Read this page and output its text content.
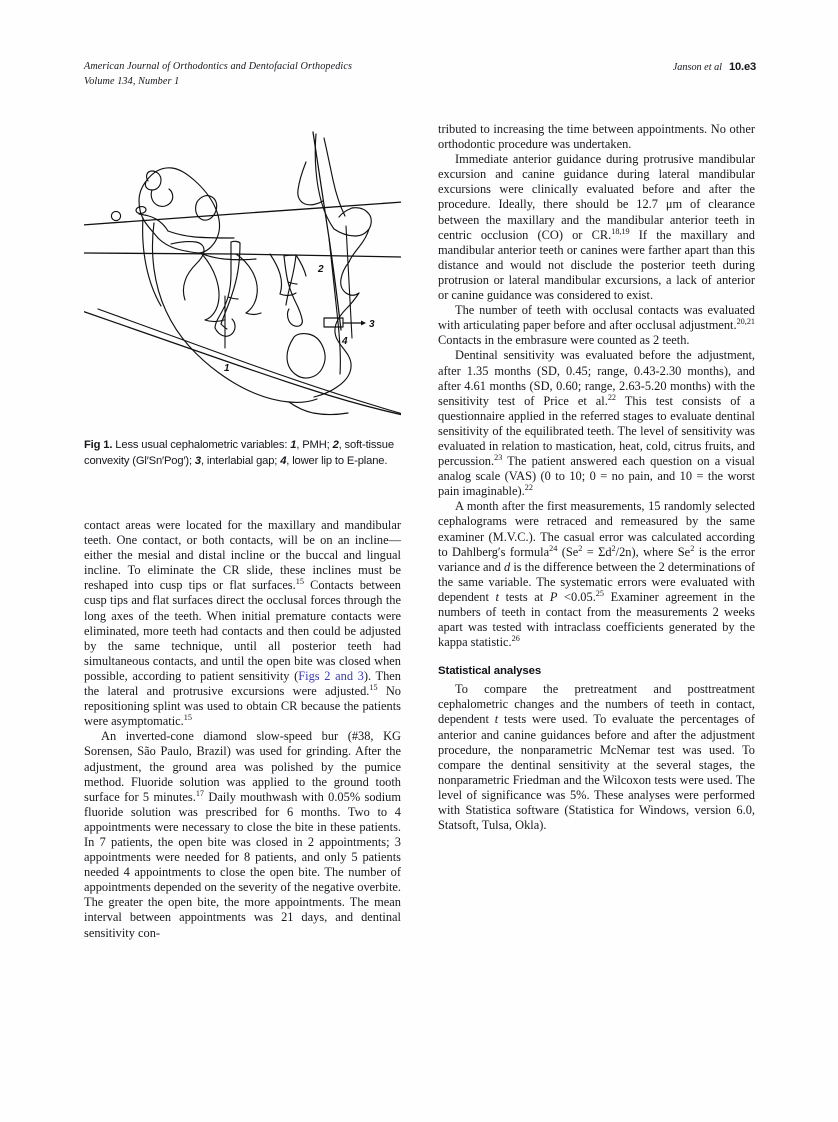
American Journal of Orthodontics and Dentofacial Orthopedics
Volume 134, Number 1
Janson et al 10.e3
2
3
4
1
Fig 1. Less usual cephalometric variables: 1, PMH; 2, soft-tissue convexity (Gl′Sn′Pog′); 3, interlabial gap; 4, lower lip to E-plane.

contact areas were located for the maxillary and mandibular teeth. One contact, or both contacts, will be on an incline—either the mesial and distal incline or the buccal and lingual incline. To eliminate the CR slide, these inclines must be reshaped into cusp tips or flat surfaces.$^{15}$ Contacts between cusp tips and flat surfaces direct the occlusal forces through the long axes of the teeth. When initial premature contacts were eliminated, more teeth had contacts and then could be adjusted by the same technique, until all posterior teeth had simultaneous contacts, and until the open bite was closed when possible, according to patient sensitivity (Figs 2 and 3). Then the lateral and protrusive excursions were adjusted.$^{15}$ No repositioning splint was used to obtain CR because the patients were asymptomatic.$^{15}$

An inverted-cone diamond slow-speed bur (#38, KG Sorensen, São Paulo, Brazil) was used for grinding. After the adjustment, the ground area was polished by the pumice method. Fluoride solution was applied to the ground tooth surface for 5 minutes.$^{17}$ Daily mouthwash with 0.05% sodium fluoride solution was prescribed for 6 months. Two to 4 appointments were necessary to close the bite in these patients. In 7 patients, the open bite was closed in 2 appointments; 3 appointments were needed for 8 patients, and only 5 patients needed 4 appointments to close the open bite. The number of appointments depended on the severity of the negative overbite. The greater the open bite, the more appointments. The mean interval between appointments was 21 days, and dentinal sensitivity con-

tributed to increasing the time between appointments. No other orthodontic procedure was undertaken.

Immediate anterior guidance during protrusive mandibular excursion and canine guidance during lateral mandibular excursions were clinically evaluated before and after the procedure. Ideally, there should be 12.7 μm of clearance between the maxillary and the mandibular anterior teeth in centric occlusion (CO) or CR.$^{18,19}$ If the maxillary and mandibular anterior teeth or canines were farther apart than this distance and would not disclude the posterior teeth during protrusion or lateral mandibular excursions, a lack of anterior or canine guidance was considered to exist.

The number of teeth with occlusal contacts was evaluated with articulating paper before and after occlusal adjustment.$^{20,21}$ Contacts in the embrasure were counted as 2 teeth.

Dentinal sensitivity was evaluated before the adjustment, after 1.35 months (SD, 0.45; range, 0.43-2.30 months), and after 4.61 months (SD, 0.60; range, 2.63-5.20 months) with the sensitivity test of Price et al.$^{22}$ This test consists of a questionnaire applied in the referred stages to evaluate dentinal sensitivity of the equilibrated teeth. The level of sensitivity was evaluated in relation to mastication, heat, cold, citrus fruits, and percussion.$^{23}$ The patient answered each question on a visual analog scale (VAS) (0 to 10; 0 = no pain, and 10 = the worst pain imaginable).$^{22}$

A month after the first measurements, 15 randomly selected cephalograms were retraced and remeasured by the same examiner (M.V.C.). The casual error was calculated according to Dahlberg′s formula$^{24}$ $(Se^2 = \Sigma d^2/2n)$, where Se$^2$ is the error variance and d is the difference between the 2 determinations of the same variable. The systematic errors were evaluated with dependent t tests at P <0.05.25 Examiner agreement in the numbers of teeth in contact from the measurements 2 weeks apart was tested with intraclass coefficients generated by the kappa statistic.$^{26}$

Statistical analyses

To compare the pretreatment and posttreatment cephalometric changes and the numbers of teeth in contact, dependent t tests were used. To evaluate the percentages of anterior and canine guidances before and after the adjustment procedure, the nonparametric McNemar test was used. To compare the dentinal sensitivity at the several stages, the nonparametric Friedman and the Wilcoxon tests were used. The level of significance was 5%. These analyses were performed with Statistica software (Statistica for Windows, version 6.0, Statsoft, Tulsa, Okla).
